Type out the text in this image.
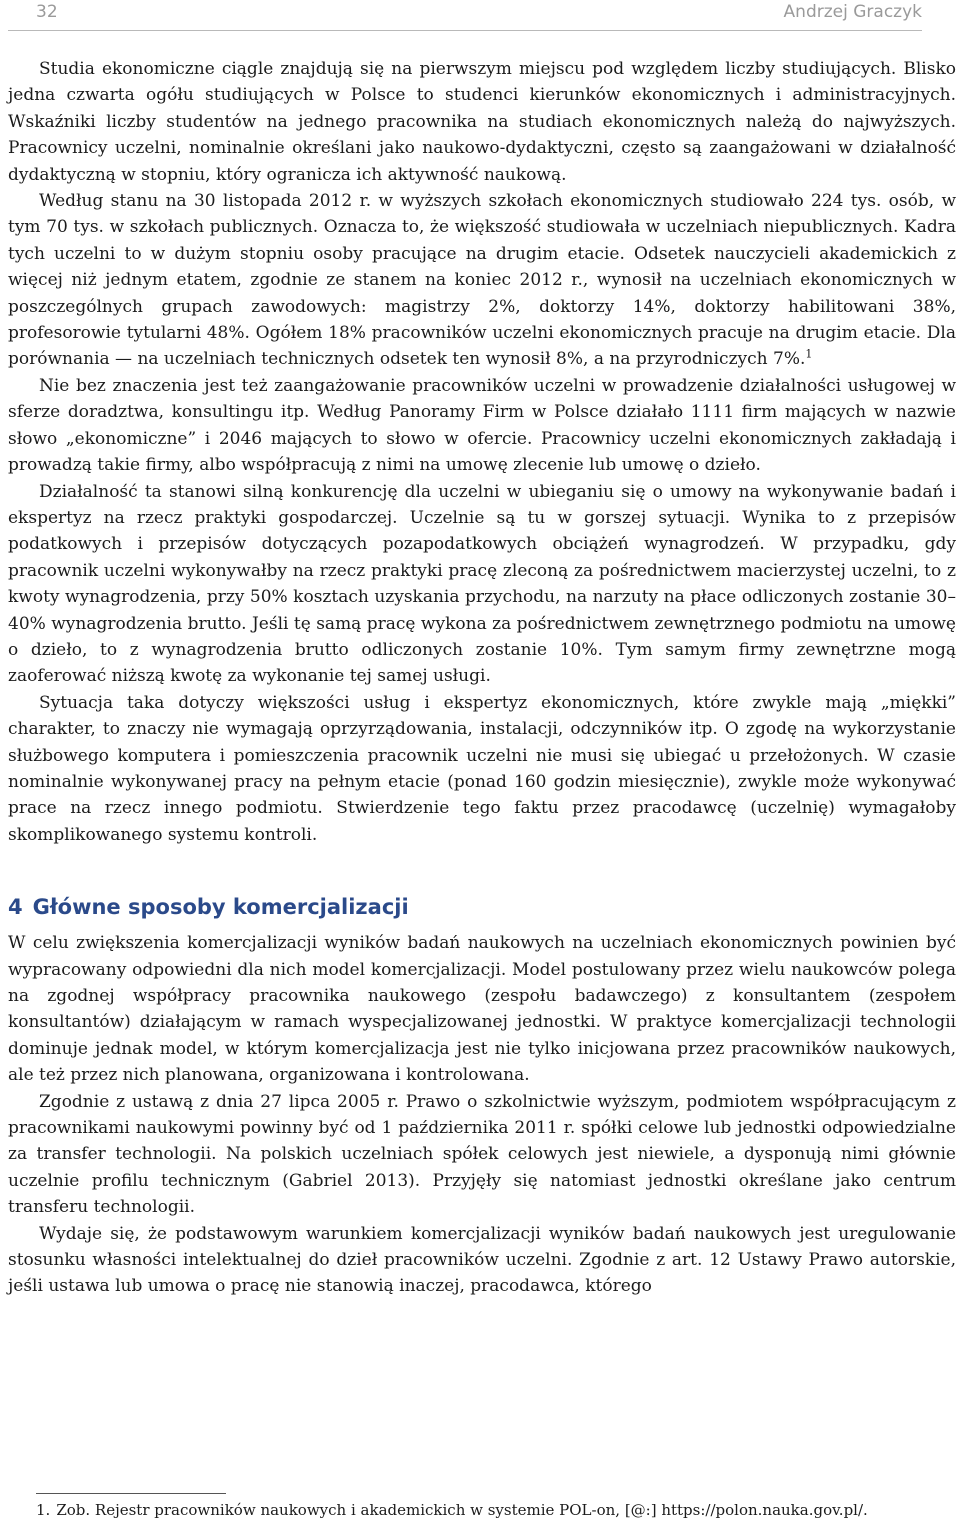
32	Andrzej Graczyk

Studia ekonomiczne ciągle znajdują się na pierwszym miejscu pod względem liczby studiujących. Blisko jedna czwarta ogółu studiujących w Polsce to studenci kierunków ekonomicznych i administracyjnych. Wskaźniki liczby studentów na jednego pracownika na studiach ekonomicznych należą do najwyższych. Pracownicy uczelni, nominalnie określani jako naukowo-dydaktyczni, często są zaangażowani w działalność dydaktyczną w stopniu, który ogranicza ich aktywność naukową.

Według stanu na 30 listopada 2012 r. w wyższych szkołach ekonomicznych studiowało 224 tys. osób, w tym 70 tys. w szkołach publicznych. Oznacza to, że większość studiowała w uczelniach niepublicznych. Kadra tych uczelni to w dużym stopniu osoby pracujące na drugim etacie. Odsetek nauczycieli akademickich z więcej niż jednym etatem, zgodnie ze stanem na koniec 2012 r., wynosił na uczelniach ekonomicznych w poszczególnych grupach zawodowych: magistrzy 2%, doktorzy 14%, doktorzy habilitowani 38%, profesorowie tytularni 48%. Ogółem 18% pracowników uczelni ekonomicznych pracuje na drugim etacie. Dla porównania — na uczelniach technicznych odsetek ten wynosił 8%, a na przyrodniczych 7%.$^1$

Nie bez znaczenia jest też zaangażowanie pracowników uczelni w prowadzenie działalności usługowej w sferze doradztwa, konsultingu itp. Według Panoramy Firm w Polsce działało 1111 firm mających w nazwie słowo „ekonomiczne” i 2046 mających to słowo w ofercie. Pracownicy uczelni ekonomicznych zakładają i prowadzą takie firmy, albo współpracują z nimi na umowę zlecenie lub umowę o dzieło.

Działalność ta stanowi silną konkurencję dla uczelni w ubieganiu się o umowy na wykonywanie badań i ekspertyz na rzecz praktyki gospodarczej. Uczelnie są tu w gorszej sytuacji. Wynika to z przepisów podatkowych i przepisów dotyczących pozapodatkowych obciążeń wynagrodzeń. W przypadku, gdy pracownik uczelni wykonywałby na rzecz praktyki pracę zleconą za pośrednictwem macierzystej uczelni, to z kwoty wynagrodzenia, przy 50% kosztach uzyskania przychodu, na narzuty na płace odliczonych zostanie 30–40% wynagrodzenia brutto. Jeśli tę samą pracę wykona za pośrednictwem zewnętrznego podmiotu na umowę o dzieło, to z wynagrodzenia brutto odliczonych zostanie 10%. Tym samym firmy zewnętrzne mogą zaoferować niższą kwotę za wykonanie tej samej usługi.

Sytuacja taka dotyczy większości usług i ekspertyz ekonomicznych, które zwykle mają „miękki” charakter, to znaczy nie wymagają oprzyrządowania, instalacji, odczynników itp. O zgodę na wykorzystanie służbowego komputera i pomieszczenia pracownik uczelni nie musi się ubiegać u przełożonych. W czasie nominalnie wykonywanej pracy na pełnym etacie (ponad 160 godzin miesięcznie), zwykle może wykonywać prace na rzecz innego podmiotu. Stwierdzenie tego faktu przez pracodawcę (uczelnię) wymagałoby skomplikowanego systemu kontroli.

4 Główne sposoby komercjalizacji

W celu zwiększenia komercjalizacji wyników badań naukowych na uczelniach ekonomicznych powinien być wypracowany odpowiedni dla nich model komercjalizacji. Model postulowany przez wielu naukowców polega na zgodnej współpracy pracownika naukowego (zespołu badawczego) z konsultantem (zespołem konsultantów) działającym w ramach wyspecjalizowanej jednostki. W praktyce komercjalizacji technologii dominuje jednak model, w którym komercjalizacja jest nie tylko inicjowana przez pracowników naukowych, ale też przez nich planowana, organizowana i kontrolowana.

Zgodnie z ustawą z dnia 27 lipca 2005 r. Prawo o szkolnictwie wyższym, podmiotem współpracującym z pracownikami naukowymi powinny być od 1 października 2011 r. spółki celowe lub jednostki odpowiedzialne za transfer technologii. Na polskich uczelniach spółek celowych jest niewiele, a dysponują nimi głównie uczelnie profilu technicznym (Gabriel 2013). Przyjęły się natomiast jednostki określane jako centrum transferu technologii.

Wydaje się, że podstawowym warunkiem komercjalizacji wyników badań naukowych jest uregulowanie stosunku własności intelektualnej do dzieł pracowników uczelni. Zgodnie z art. 12 Ustawy Prawo autorskie, jeśli ustawa lub umowa o pracę nie stanowią inaczej, pracodawca, którego

1. Zob. Rejestr pracowników naukowych i akademickich w systemie POL-on, [@:] https://polon.nauka.gov.pl/.
